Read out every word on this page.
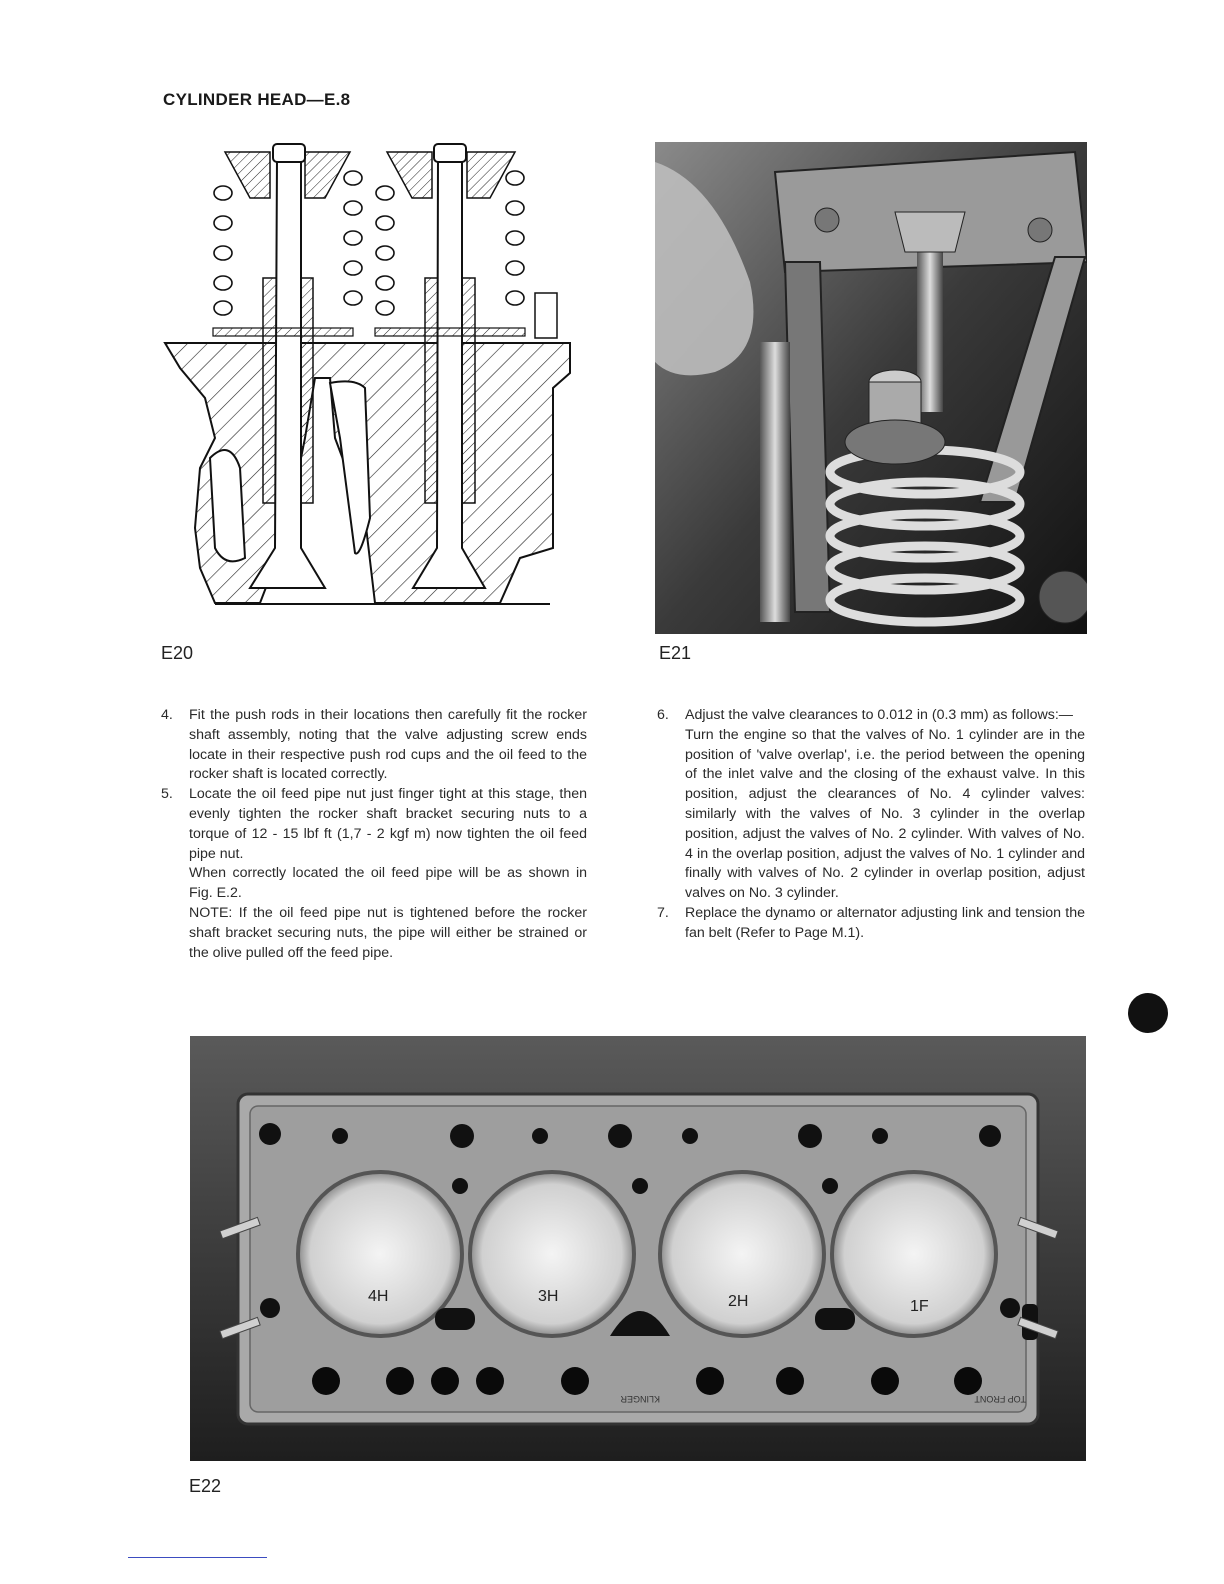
CYLINDER HEAD—E.8
E20	E21
4. Fit the push rods in their locations then carefully fit the rocker shaft assembly, noting that the valve adjusting screw ends locate in their respective push rod cups and the oil feed to the rocker shaft is located correctly.

5. Locate the oil feed pipe nut just finger tight at this stage, then evenly tighten the rocker shaft bracket securing nuts to a torque of 12 - 15 lbf ft (1,7 - 2 kgf m) now tighten the oil feed pipe nut.

When correctly located the oil feed pipe will be as shown in Fig. E.2.

NOTE: If the oil feed pipe nut is tightened before the rocker shaft bracket securing nuts, the pipe will either be strained or the olive pulled off the feed pipe.

6. Adjust the valve clearances to 0.012 in (0.3 mm) as follows:—

Turn the engine so that the valves of No. 1 cylinder are in the position of 'valve overlap', i.e. the period between the opening of the inlet valve and the closing of the exhaust valve. In this position, adjust the clearances of No. 4 cylinder valves: similarly with the valves of No. 3 cylinder in the overlap position, adjust the valves of No. 2 cylinder. With valves of No. 4 in the overlap position, adjust the valves of No. 1 cylinder and finally with valves of No. 2 cylinder in overlap position, adjust valves on No. 3 cylinder.

7. Replace the dynamo or alternator adjusting link and tension the fan belt (Refer to Page M.1).

4H	3H	2H	1F
KLINGER	TOP FRONT
E22
